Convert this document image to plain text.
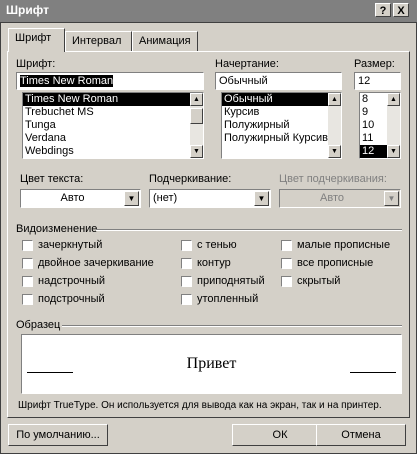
Шрифт	? X
Шрифт	Интервал	Анимация
Шрифт:
Times New Roman
Times New Roman
Trebuchet MS
Tunga
Verdana
Webdings
▲
▼
Начертание:
Обычный
Обычный
Курсив
Полужирный
Полужирный Курсив
▲
▼
Размер:
12
8
9
10
11
12
▲
▼
Цвет текста:
Авто	▼
Подчеркивание:
(нет)	▼
Цвет подчеркивания:
Авто	▼
Видоизменение
зачеркнутый
двойное зачеркивание
надстрочный
подстрочный
с тенью
контур
приподнятый
утопленный
малые прописные
все прописные
скрытый
Образец
Привет
Шрифт TrueType. Он используется для вывода как на экран, так и на принтер.
По умолчанию...	ОК	Отмена
